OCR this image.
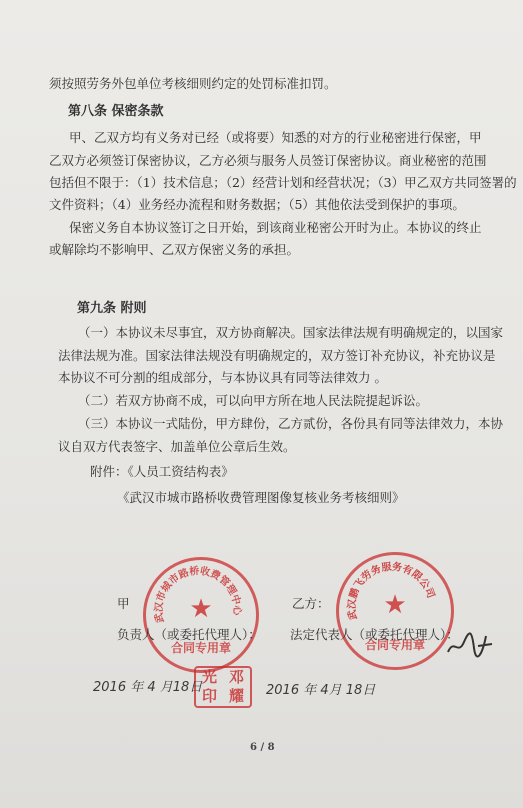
须按照劳务外包单位考核细则约定的处罚标准扣罚。
第八条 保密条款
甲、乙双方均有义务对已经（或将要）知悉的对方的行业秘密进行保密，甲
乙双方必须签订保密协议，乙方必须与服务人员签订保密协议。商业秘密的范围
包括但不限于：（1）技术信息；（2）经营计划和经营状况；（3）甲乙双方共同签署的
文件资料；（4）业务经办流程和财务数据；（5）其他依法受到保护的事项。
保密义务自本协议签订之日开始，到该商业秘密公开时为止。本协议的终止
或解除均不影响甲、乙双方保密义务的承担。
第九条 附则
（一）本协议未尽事宜，双方协商解决。国家法律法规有明确规定的，以国家
法律法规为准。国家法律法规没有明确规定的，双方签订补充协议，补充协议是
本协议不可分割的组成部分，与本协议具有同等法律效力 。
（二）若双方协商不成，可以向甲方所在地人民法院提起诉讼。
（三）本协议一式陆份，甲方肆份，乙方贰份，各份具有同等法律效力，本协
议自双方代表签字、加盖单位公章后生效。
附件：《人员工资结构表》
《武汉市城市路桥收费管理图像复核业务考核细则》
武汉市城市路桥收费管理中心
★
合同专用章
武汉鹏飞劳务服务有限公司
★
合同专用章
甲	乙方：
负责人（或委托代理人）： 法定代表人（或委托代理人）：
光 邓
印 耀
2016 年 4 月18日	2016 年 4月 18日
6 / 8
